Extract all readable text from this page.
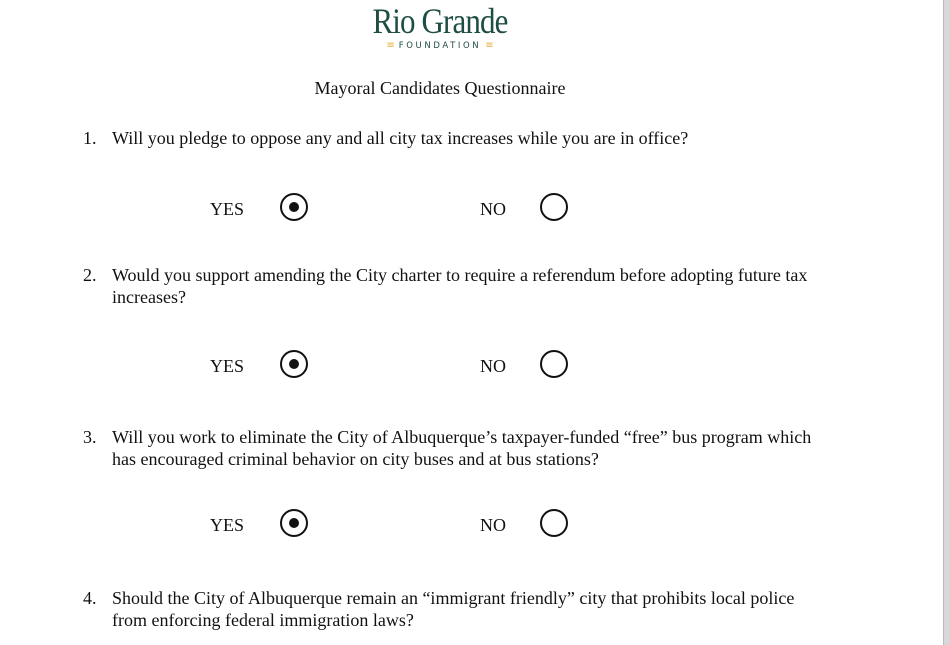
Rio Grande
≡ FOUNDATION ≡
Mayoral Candidates Questionnaire
1. Will you pledge to oppose any and all city tax increases while you are in office?
YES	NO
2. Would you support amending the City charter to require a referendum before adopting future tax increases?
YES	NO
3. Will you work to eliminate the City of Albuquerque’s taxpayer-funded “free” bus program which has encouraged criminal behavior on city buses and at bus stations?
YES	NO
4. Should the City of Albuquerque remain an “immigrant friendly” city that prohibits local police from enforcing federal immigration laws?
